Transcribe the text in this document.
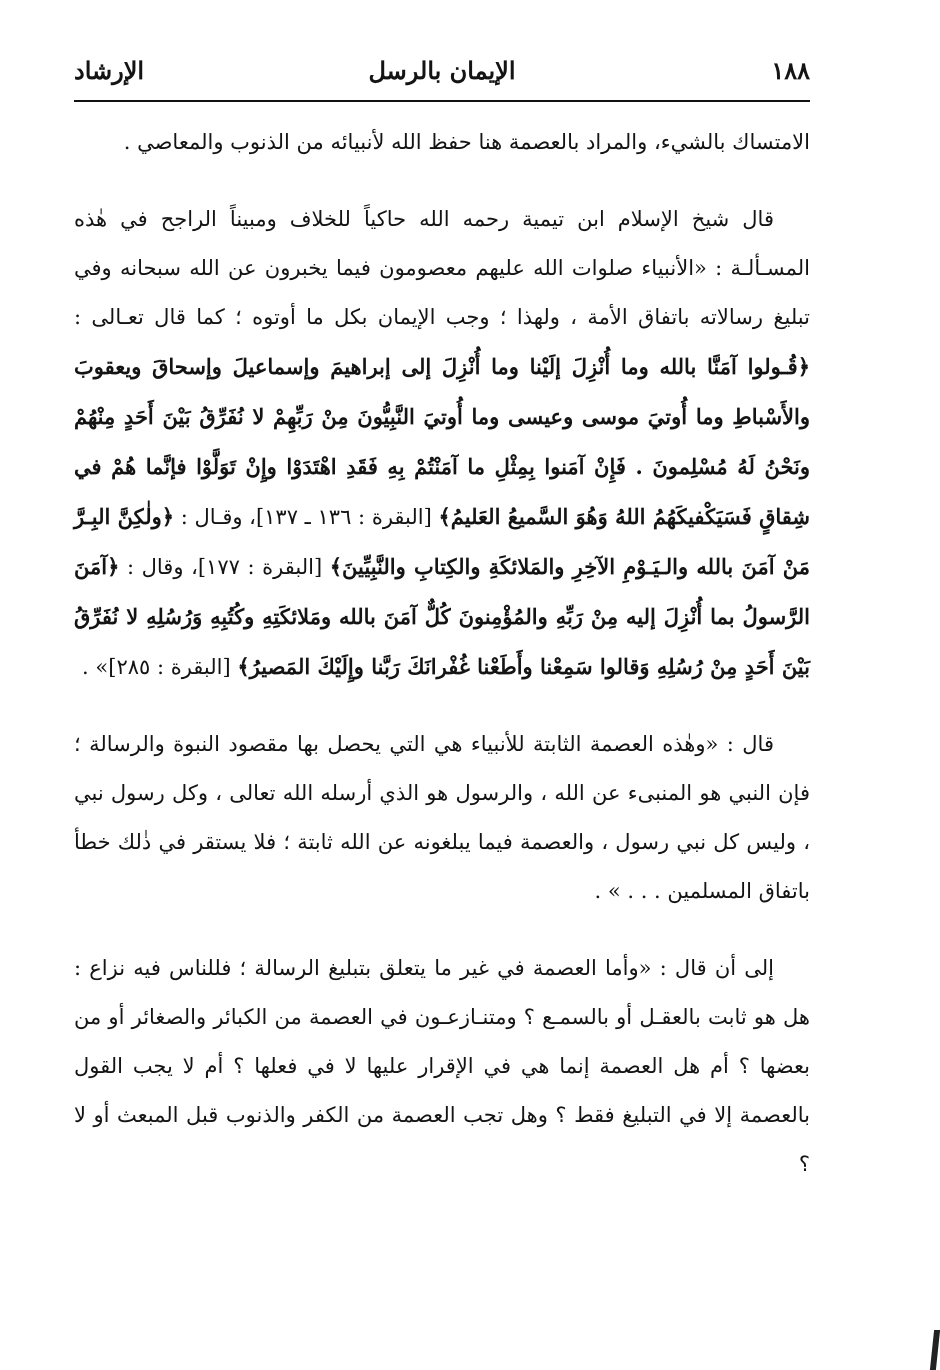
١٨٨
الإيمان بالرسل
الإرشاد

الامتساك بالشيء، والمراد بالعصمة هنا حفظ الله لأنبيائه من الذنوب والمعاصي .

قال شيخ الإسلام ابن تيمية رحمه الله حاكياً للخلاف ومبيناً الراجح في هٰذه المسـألـة : «الأنبياء صلوات الله عليهم معصومون فيما يخبرون عن الله سبحانه وفي تبليغ رسالاته باتفاق الأمة ، ولهذا ؛ وجب الإيمان بكل ما أوتوه ؛ كما قال تعـالى : ﴿قُـولوا آمَنَّا بالله وما أُنْزِلَ إلَيْنا وما أُنْزِلَ إلى إبراهيمَ وإسماعيلَ وإسحاقَ ويعقوبَ والأَسْباطِ وما أُوتيَ موسى وعيسى وما أُوتيَ النَّبِيُّونَ مِنْ رَبِّهِمْ لا نُفَرِّقُ بَيْنَ أَحَدٍ مِنْهُمْ ونَحْنُ لَهُ مُسْلِمونَ . فَإِنْ آمَنوا بِمِثْلِ ما آمَنْتُمْ بِهِ فَقَدِ اهْتَدَوْا وإِنْ تَوَلَّوْا فإنَّما هُمْ في شِقاقٍ فَسَيَكْفيكَهُمُ اللهُ وَهُوَ السَّميعُ العَليمُ﴾ [البقرة : ١٣٦ ـ ١٣٧]، وقـال : ﴿ولٰكِنَّ البِـرَّ مَنْ آمَنَ بالله والـيَـوْمِ الآخِرِ والمَلائكَةِ والكِتابِ والنَّبِيِّينَ﴾ [البقرة : ١٧٧]، وقال : ﴿آمَنَ الرَّسولُ بما أُنْزِلَ إليه مِنْ رَبِّهِ والمُؤْمِنونَ كُلٌّ آمَنَ بالله ومَلائكَتِهِ وكُتُبِهِ وَرُسُلِهِ لا نُفَرِّقُ بَيْنَ أَحَدٍ مِنْ رُسُلِهِ وَقالوا سَمِعْنا وأَطَعْنا غُفْرانَكَ رَبَّنا وإِلَيْكَ المَصيرُ﴾ [البقرة : ٢٨٥]» .

قال : «وهٰذه العصمة الثابتة للأنبياء هي التي يحصل بها مقصود النبوة والرسالة ؛ فإن النبي هو المنبىء عن الله ، والرسول هو الذي أرسله الله تعالى ، وكل رسول نبي ، وليس كل نبي رسول ، والعصمة فيما يبلغونه عن الله ثابتة ؛ فلا يستقر في ذٰلك خطأ باتفاق المسلمين . . . » .

إلى أن قال : «وأما العصمة في غير ما يتعلق بتبليغ الرسالة ؛ فللناس فيه نزاع : هل هو ثابت بالعقـل أو بالسمـع ؟ ومتنـازعـون في العصمة من الكبائر والصغائر أو من بعضها ؟ أم هل العصمة إنما هي في الإقرار عليها لا في فعلها ؟ أم لا يجب القول بالعصمة إلا في التبليغ فقط ؟ وهل تجب العصمة من الكفر والذنوب قبل المبعث أو لا ؟
